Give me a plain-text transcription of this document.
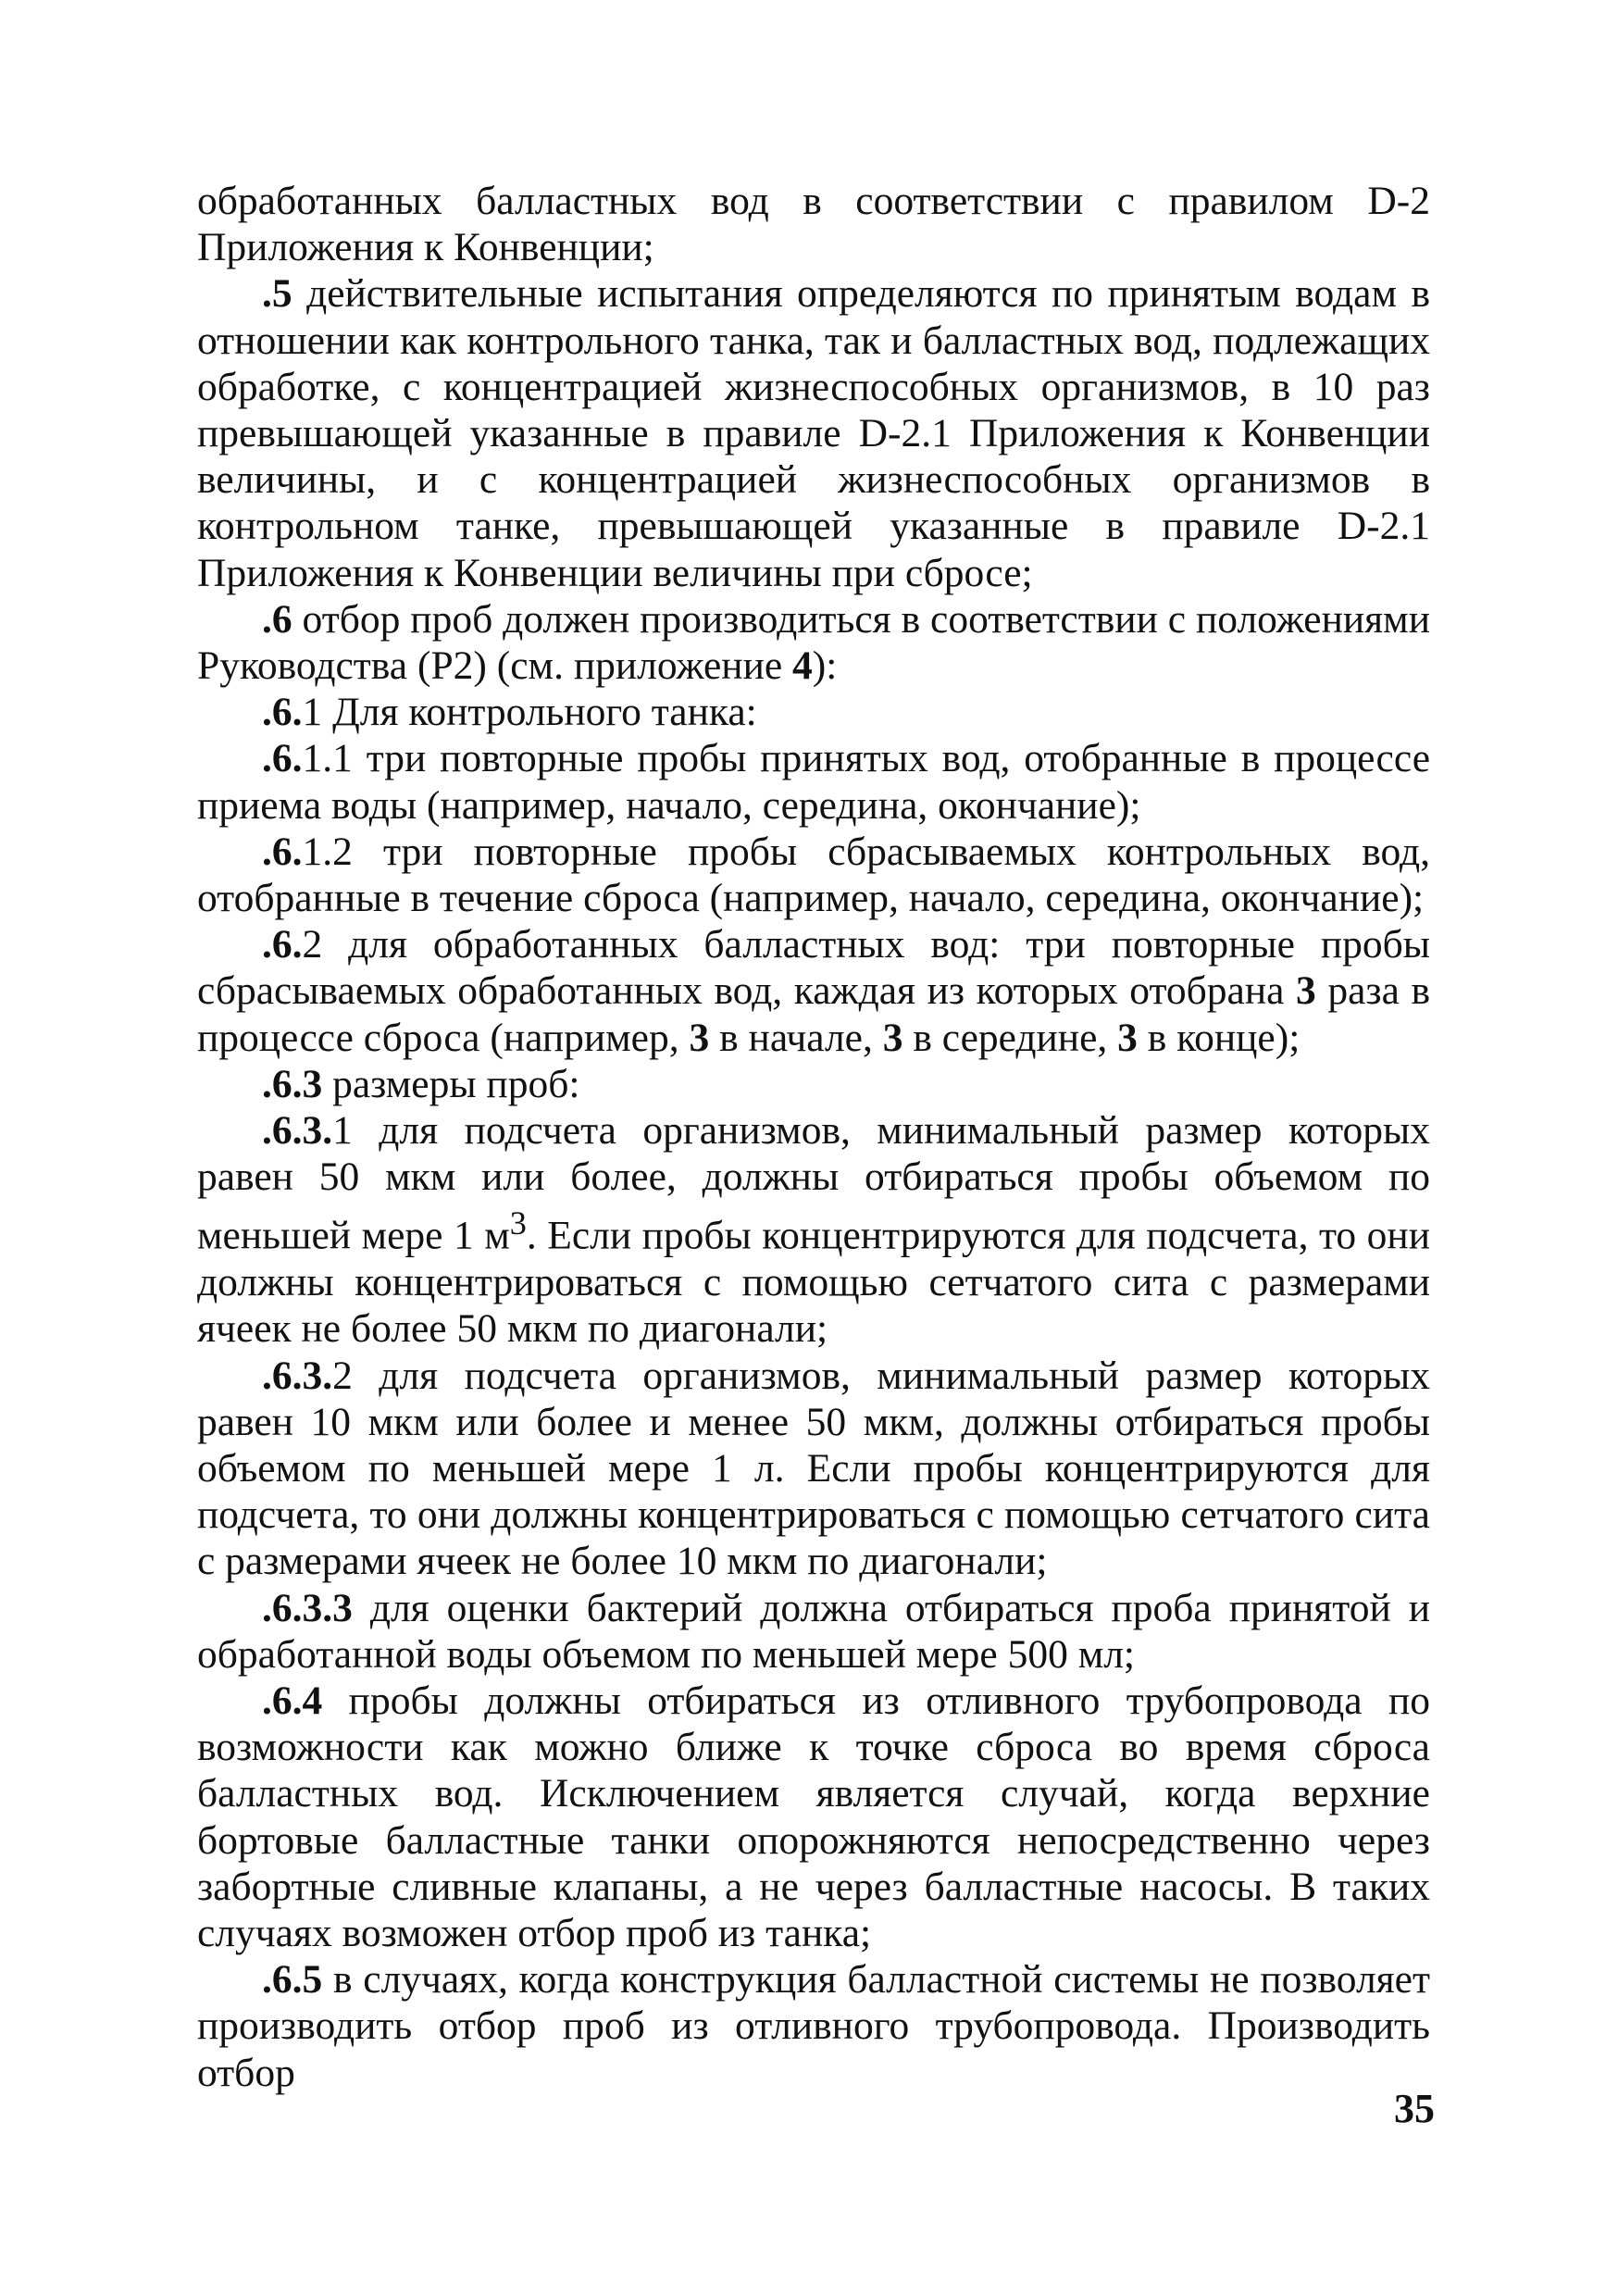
обработанных балластных вод в соответствии с правилом D-2 Приложения к Конвенции;

.5 действительные испытания определяются по принятым водам в отношении как контрольного танка, так и балластных вод, подлежащих обработке, с концентрацией жизнеспособных организмов, в 10 раз превышающей указанные в правиле D-2.1 Приложения к Конвенции величины, и с концентрацией жизнеспособных организмов в контрольном танке, превышающей указанные в правиле D-2.1 Приложения к Конвенции величины при сбросе;

.6 отбор проб должен производиться в соответствии с положениями Руководства (Р2) (см. приложение 4):

.6.1 Для контрольного танка:

.6.1.1 три повторные пробы принятых вод, отобранные в процессе приема воды (например, начало, середина, окончание);

.6.1.2 три повторные пробы сбрасываемых контрольных вод, отобранные в течение сброса (например, начало, середина, окончание);

.6.2 для обработанных балластных вод: три повторные пробы сбрасываемых обработанных вод, каждая из которых отобрана 3 раза в процессе сброса (например, 3 в начале, 3 в середине, 3 в конце);

.6.3 размеры проб:

.6.3.1 для подсчета организмов, минимальный размер которых равен 50 мкм или более, должны отбираться пробы объемом по меньшей мере 1 $м^3$. Если пробы концентрируются для подсчета, то они должны концентрироваться с помощью сетчатого сита с размерами ячеек не более 50 мкм по диагонали;

.6.3.2 для подсчета организмов, минимальный размер которых равен 10 мкм или более и менее 50 мкм, должны отбираться пробы объемом по меньшей мере 1 л. Если пробы концентрируются для подсчета, то они должны концентрироваться с помощью сетчатого сита с размерами ячеек не более 10 мкм по диагонали;

.6.3.3 для оценки бактерий должна отбираться проба принятой и обработанной воды объемом по меньшей мере 500 мл;

.6.4 пробы должны отбираться из отливного трубопровода по возможности как можно ближе к точке сброса во время сброса балластных вод. Исключением является случай, когда верхние бортовые балластные танки опорожняются непосредственно через забортные сливные клапаны, а не через балластные насосы. В таких случаях возможен отбор проб из танка;

.6.5 в случаях, когда конструкция балластной системы не позволяет производить отбор проб из отливного трубопровода. Производить отбор

35
